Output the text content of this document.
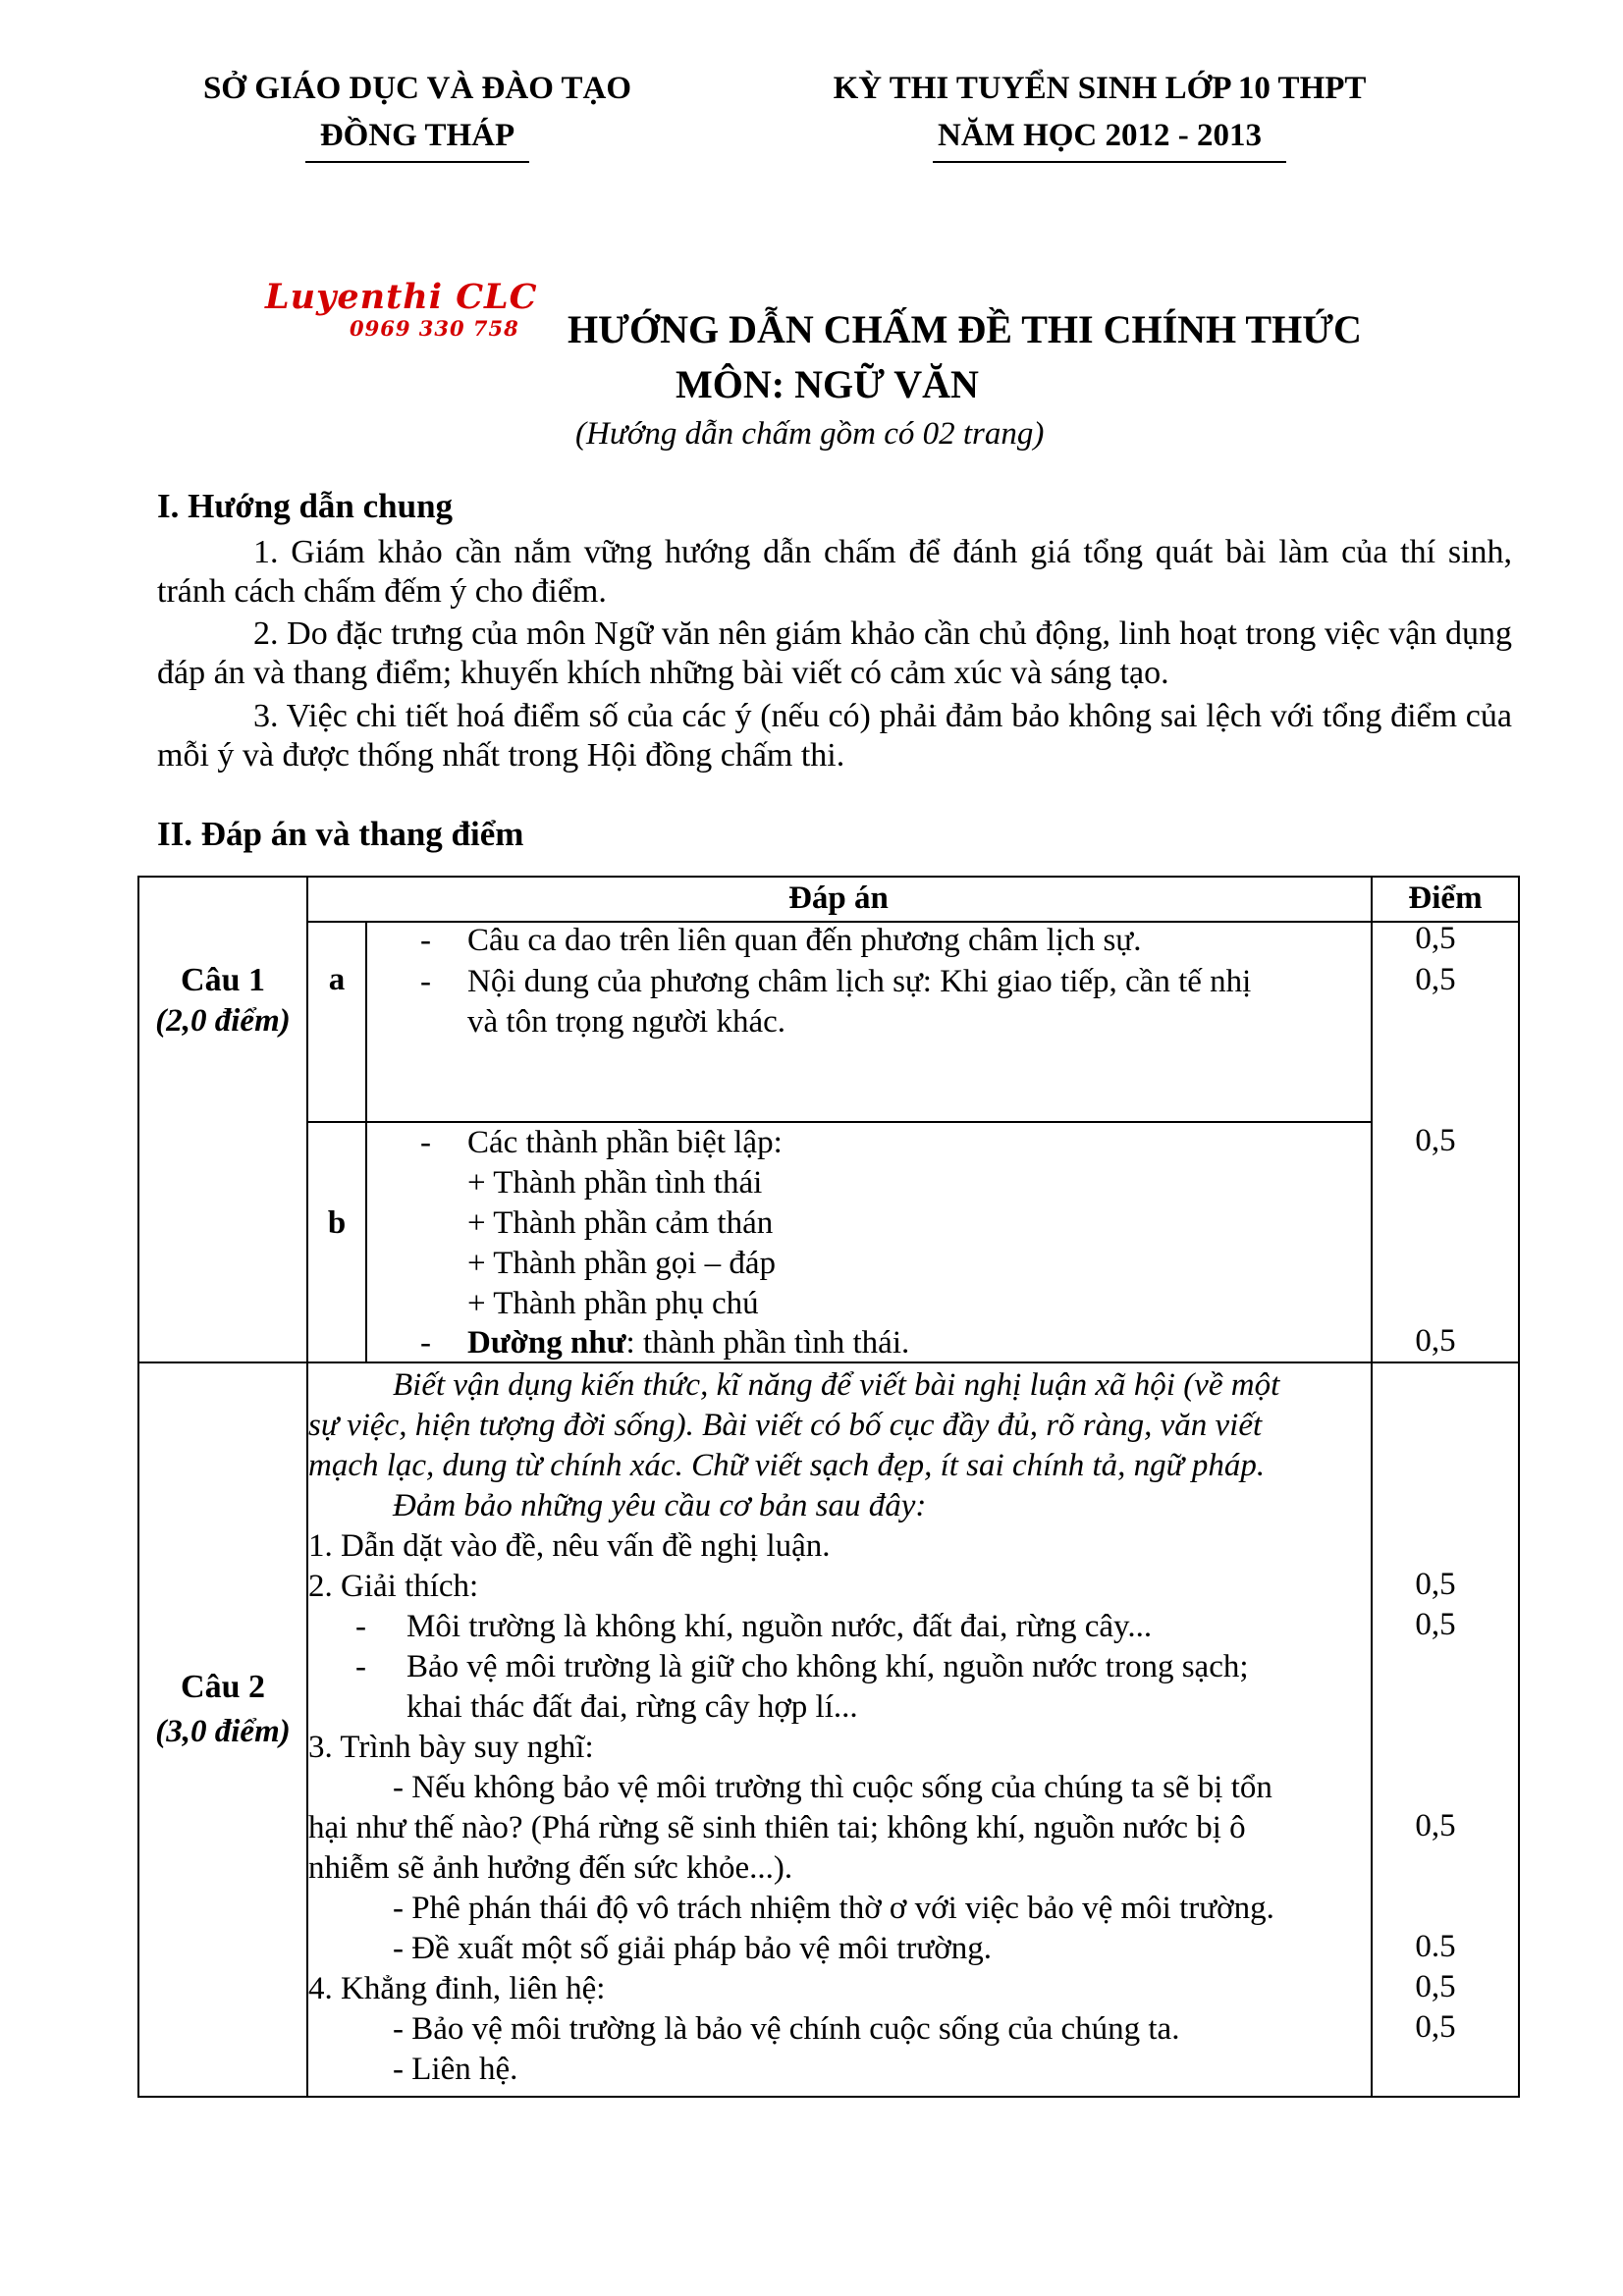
SỞ GIÁO DỤC VÀ ĐÀO TẠO
ĐỒNG THÁP
KỲ THI TUYỂN SINH LỚP 10 THPT
NĂM HỌC 2012 - 2013
Luyenthi CLC
0969 330 758 HƯỚNG DẪN CHẤM ĐỀ THI CHÍNH THỨC
MÔN: NGỮ VĂN
(Hướng dẫn chấm gồm có 02 trang)
I. Hướng dẫn chung
1. Giám khảo cần nắm vững hướng dẫn chấm để đánh giá tổng quát bài làm của thí sinh, tránh cách chấm đếm ý cho điểm.
2. Do đặc trưng của môn Ngữ văn nên giám khảo cần chủ động, linh hoạt trong việc vận dụng đáp án và thang điểm; khuyến khích những bài viết có cảm xúc và sáng tạo.
3. Việc chi tiết hoá điểm số của các ý (nếu có) phải đảm bảo không sai lệch với tổng điểm của mỗi ý và được thống nhất trong Hội đồng chấm thi.
II. Đáp án và thang điểm
Đáp án	Điểm
Câu 1
(2,0 điểm)
a
- Câu ca dao trên liên quan đến phương châm lịch sự.
- Nội dung của phương châm lịch sự: Khi giao tiếp, cần tế nhị
và tôn trọng người khác.
0,5
0,5
b
- Các thành phần biệt lập:
+ Thành phần tình thái
+ Thành phần cảm thán
+ Thành phần gọi – đáp
+ Thành phần phụ chú
- Dường như: thành phần tình thái.
0,5
0,5
Câu 2
(3,0 điểm)
Biết vận dụng kiến thức, kĩ năng để viết bài nghị luận xã hội (về một
sự việc, hiện tượng đời sống). Bài viết có bố cục đầy đủ, rõ ràng, văn viết
mạch lạc, dung từ chính xác. Chữ viết sạch đẹp, ít sai chính tả, ngữ pháp.
Đảm bảo những yêu cầu cơ bản sau đây:
1. Dẫn dặt vào đề, nêu vấn đề nghị luận.
2. Giải thích:
- Môi trường là không khí, nguồn nước, đất đai, rừng cây...
- Bảo vệ môi trường là giữ cho không khí, nguồn nước trong sạch;
khai thác đất đai, rừng cây hợp lí...
3. Trình bày suy nghĩ:
- Nếu không bảo vệ môi trường thì cuộc sống của chúng ta sẽ bị tổn
hại như thế nào? (Phá rừng sẽ sinh thiên tai; không khí, nguồn nước bị ô
nhiễm sẽ ảnh hưởng đến sức khỏe...).
- Phê phán thái độ vô trách nhiệm thờ ơ với việc bảo vệ môi trường.
- Đề xuất một số giải pháp bảo vệ môi trường.
4. Khẳng đinh, liên hệ:
- Bảo vệ môi trường là bảo vệ chính cuộc sống của chúng ta.
- Liên hệ.
0,5
0,5
0,5
0.5
0,5
0,5
